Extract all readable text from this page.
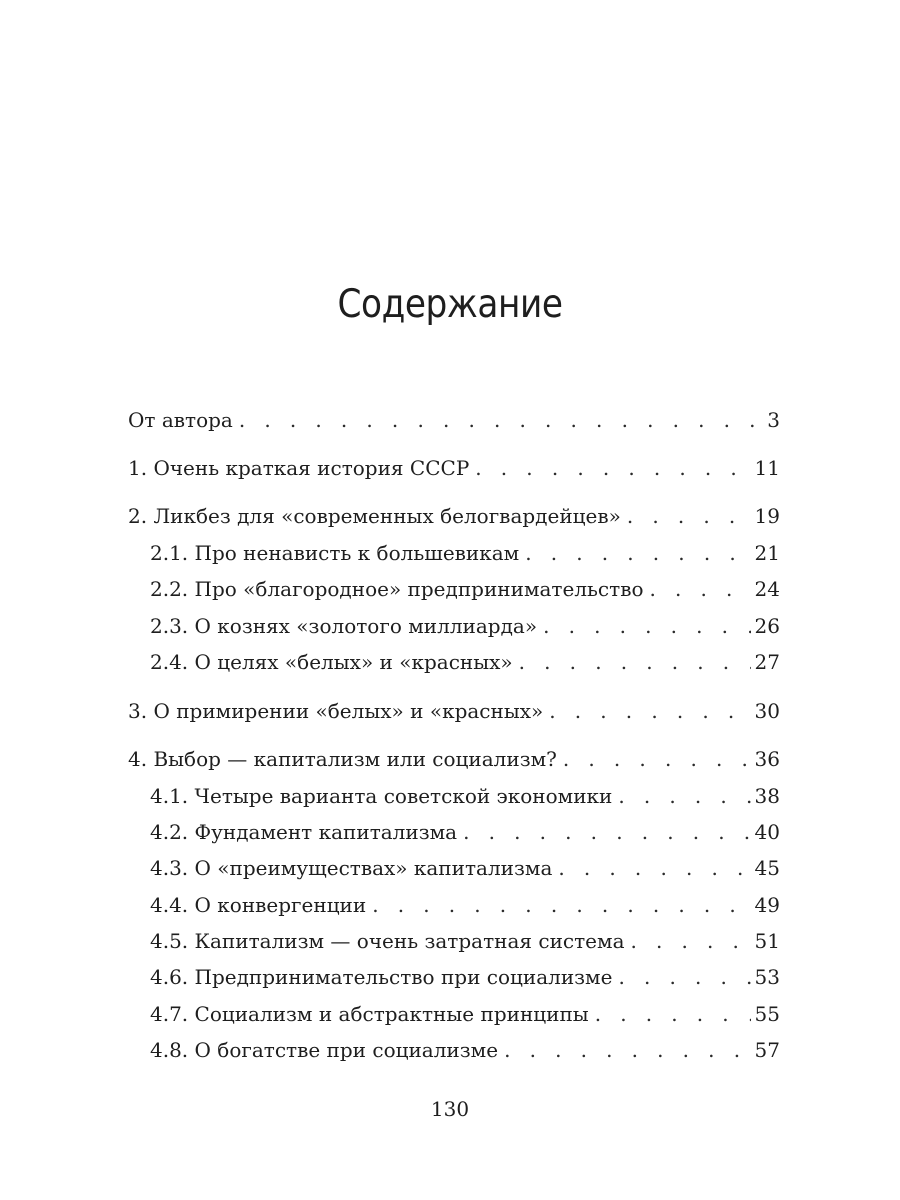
Содержание
От автора . . .	3
1. Очень краткая история СССР . . .	11
2. Ликбез для «современных белогвардейцев» . . .	19
2.1. Про ненависть к большевикам . . .	21
2.2. Про «благородное» предпринимательство . . .	24
2.3. О кознях «золотого миллиарда» . . .	26
2.4. О целях «белых» и «красных» . . .	27
3. О примирении «белых» и «красных» . . .	30
4. Выбор — капитализм или социализм? . . .	36
4.1. Четыре варианта советской экономики . . .	38
4.2. Фундамент капитализма . . .	40
4.3. О «преимуществах» капитализма . . .	45
4.4. О конвергенции . . .	49
4.5. Капитализм — очень затратная система . . .	51
4.6. Предпринимательство при социализме . . .	53
4.7. Социализм и абстрактные принципы . . .	55
4.8. О богатстве при социализме . . .	57
130
